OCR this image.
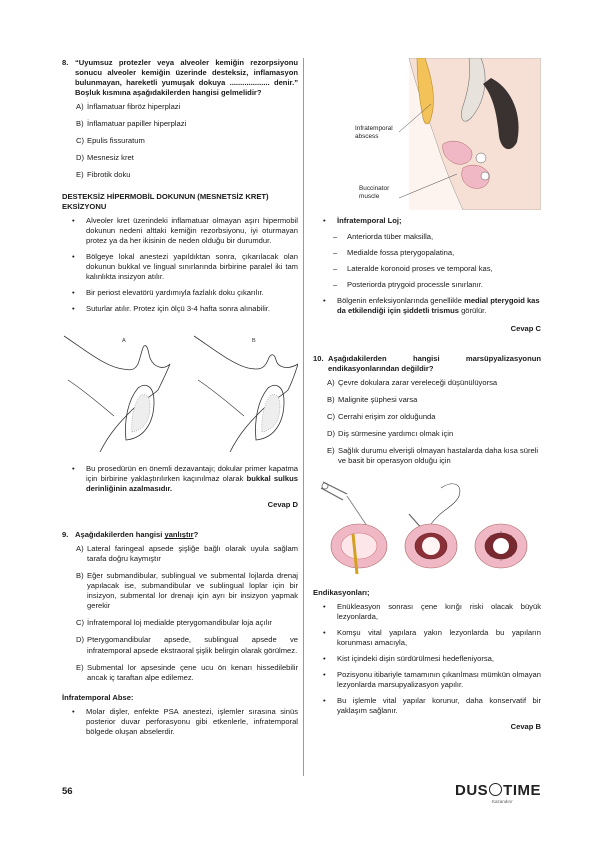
8. “Uyumsuz protezler veya alveoler kemiğin rezorpsiyonu sonucu alveoler kemiğin üzerinde desteksiz, inflamasyon bulunmayan, hareketli yumuşak dokuya ................... denir.” Boşluk kısmına aşağıdakilerden hangisi gelmelidir?

A) İnflamatuar fibröz hiperplazi
B) İnflamatuar papiller hiperplazi
C) Epulis fissuratum
D) Mesnesiz kret
E) Fibrotik doku

DESTEKSİZ HİPERMOBİL DOKUNUN (MESNETSİZ KRET) EKSİZYONU

• Alveoler kret üzerindeki inflamatuar olmayan aşırı hipermobil dokunun nedeni alttaki kemiğin rezorbsiyonu, iyi oturmayan protez ya da her ikisinin de neden olduğu bir durumdur.
• Bölgeye lokal anestezi yapıldıktan sonra, çıkarılacak olan dokunun bukkal ve lingual sınırlarında birbirine paralel iki tam kalınlıkta insizyon atılır.
• Bir periost elevatörü yardımıyla fazlalık doku çıkarılır.
• Suturlar atılır. Protez için ölçü 3-4 hafta sonra alınabilir.
A	B
• Bu prosedürün en önemli dezavantajı; dokular primer kapatma için birbirine yaklaştırılırken kaçınılmaz olarak bukkal sulkus derinliğinin azalmasıdır.

Cevap D

9. Aşağıdakilerden hangisi yanlıştır?

A) Lateral faringeal apsede şişliğe bağlı olarak uyula sağlam tarafa doğru kaymıştır
B) Eğer submandibular, sublingual ve submental lojlarda drenaj yapılacak ise, submandibular ve sublingual loplar için bir insizyon, submental lor drenajı için ayrı bir insizyon yapmak gerekir
C) İnfratemporal loj medialde pterygomandibular loja açılır
D) Pterygomandibular apsede, sublingual apsede ve infratemporal apsede ekstraoral şişlik belirgin olarak görülmez.
E) Submental lor apsesinde çene ucu ön kenarı hissedilebilir ancak iç taraftan alpe edilemez.

İnfratemporal Abse:

• Molar dişler, enfekte PSA anestezi, işlemler sırasına sinüs posterior duvar perforasyonu gibi etkenlerle, infratemporal bölgede oluşan abselerdir.
Infratemporal
abscess
Buccinator
muscle
• İnfratemporal Loj;
– Anteriorda tüber maksilla,
– Medialde fossa pterygopalatina,
– Lateralde koronoid proses ve temporal kas,
– Posteriorda ptrygoid processle sınırlanır.
• Bölgenin enfeksiyonlarında genellikle medial pterygoid kas da etkilendiği için şiddetli trismus görülür.

Cevap C

10. Aşağıdakilerden hangisi marsüpyalizasyonun endikasyonlarından değildir?

A) Çevre dokulara zarar vereleceği düşünülüyorsa
B) Malignite şüphesi varsa
C) Cerrahi erişim zor olduğunda
D) Diş sürmesine yardımcı olmak için
E) Sağlık durumu elverişli olmayan hastalarda daha kısa süreli ve basit bir operasyon olduğu için

Endikasyonları;

• Enükleasyon sonrası çene kırığı riski olacak büyük lezyonlarda,
• Komşu vital yapılara yakın lezyonlarda bu yapıların korunması amacıyla,
• Kist içindeki dişin sürdürülmesi hedefleniyorsa,
• Pozisyonu itibariyle tamamının çıkarılması mümkün olmayan lezyonlarda marsupyalizasyon yapılır.
• Bu işlemle vital yapılar korunur, daha konservatif bir yaklaşım sağlanır.

Cevap B

56	DUS TIME
Kazandırır
